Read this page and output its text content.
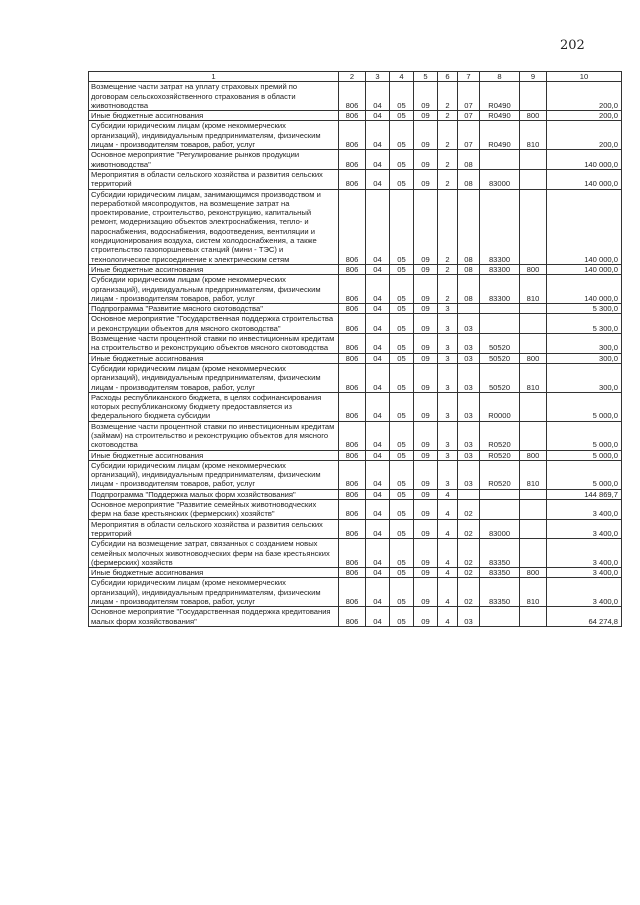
202
1	2	3	4	5	6	7	8	9	10
Возмещение части затрат на уплату страховых премий по договорам сельскохозяйственного страхования в области животноводства	806	04	05	09	2	07	R0490		200,0
Иные бюджетные ассигнования	806	04	05	09	2	07	R0490	800	200,0
Субсидии юридическим лицам (кроме некоммерческих организаций), индивидуальным предпринимателям, физическим лицам - производителям товаров, работ, услуг	806	04	05	09	2	07	R0490	810	200,0
Основное мероприятие "Регулирование рынков продукции животноводства"	806	04	05	09	2	08			140 000,0
Мероприятия в области сельского хозяйства и развития сельских территорий	806	04	05	09	2	08	83000		140 000,0
Субсидии юридическим лицам, занимающимся производством и переработкой мясопродуктов, на возмещение затрат на проектирование, строительство, реконструкцию, капитальный ремонт, модернизацию объектов электроснабжения, тепло- и пароснабжения, водоснабжения, водоотведения, вентиляции и кондиционирования воздуха, систем холодоснабжения, а также строительство газопоршневых станций (мини - ТЭС) и технологическое присоединение к электрическим сетям	806	04	05	09	2	08	83300		140 000,0
Иные бюджетные ассигнования	806	04	05	09	2	08	83300	800	140 000,0
Субсидии юридическим лицам (кроме некоммерческих организаций), индивидуальным предпринимателям, физическим лицам - производителям товаров, работ, услуг	806	04	05	09	2	08	83300	810	140 000,0
Подпрограмма "Развитие мясного скотоводства"	806	04	05	09	3				5 300,0
Основное мероприятие "Государственная поддержка строительства и реконструкции объектов для мясного скотоводства"	806	04	05	09	3	03			5 300,0
Возмещение части процентной ставки по инвестиционным кредитам на строительство и реконструкцию объектов мясного скотоводства	806	04	05	09	3	03	50520		300,0
Иные бюджетные ассигнования	806	04	05	09	3	03	50520	800	300,0
Субсидии юридическим лицам (кроме некоммерческих организаций), индивидуальным предпринимателям, физическим лицам - производителям товаров, работ, услуг	806	04	05	09	3	03	50520	810	300,0
Расходы республиканского бюджета, в целях софинансирования которых республиканскому бюджету предоставляется из федерального бюджета субсидии	806	04	05	09	3	03	R0000		5 000,0
Возмещение части процентной ставки по инвестиционным кредитам (займам) на строительство и реконструкцию объектов для мясного скотоводства	806	04	05	09	3	03	R0520		5 000,0
Иные бюджетные ассигнования	806	04	05	09	3	03	R0520	800	5 000,0
Субсидии юридическим лицам (кроме некоммерческих организаций), индивидуальным предпринимателям, физическим лицам - производителям товаров, работ, услуг	806	04	05	09	3	03	R0520	810	5 000,0
Подпрограмма "Поддержка малых форм хозяйствования"	806	04	05	09	4				144 869,7
Основное мероприятие "Развитие семейных животноводческих ферм на базе крестьянских (фермерских) хозяйств"	806	04	05	09	4	02			3 400,0
Мероприятия в области сельского хозяйства и развития сельских территорий	806	04	05	09	4	02	83000		3 400,0
Субсидии на возмещение затрат, связанных с созданием новых семейных молочных животноводческих ферм на базе крестьянских (фермерских) хозяйств	806	04	05	09	4	02	83350		3 400,0
Иные бюджетные ассигнования	806	04	05	09	4	02	83350	800	3 400,0
Субсидии юридическим лицам (кроме некоммерческих организаций), индивидуальным предпринимателям, физическим лицам - производителям товаров, работ, услуг	806	04	05	09	4	02	83350	810	3 400,0
Основное мероприятие "Государственная поддержка кредитования малых форм хозяйствования"	806	04	05	09	4	03			64 274,8
